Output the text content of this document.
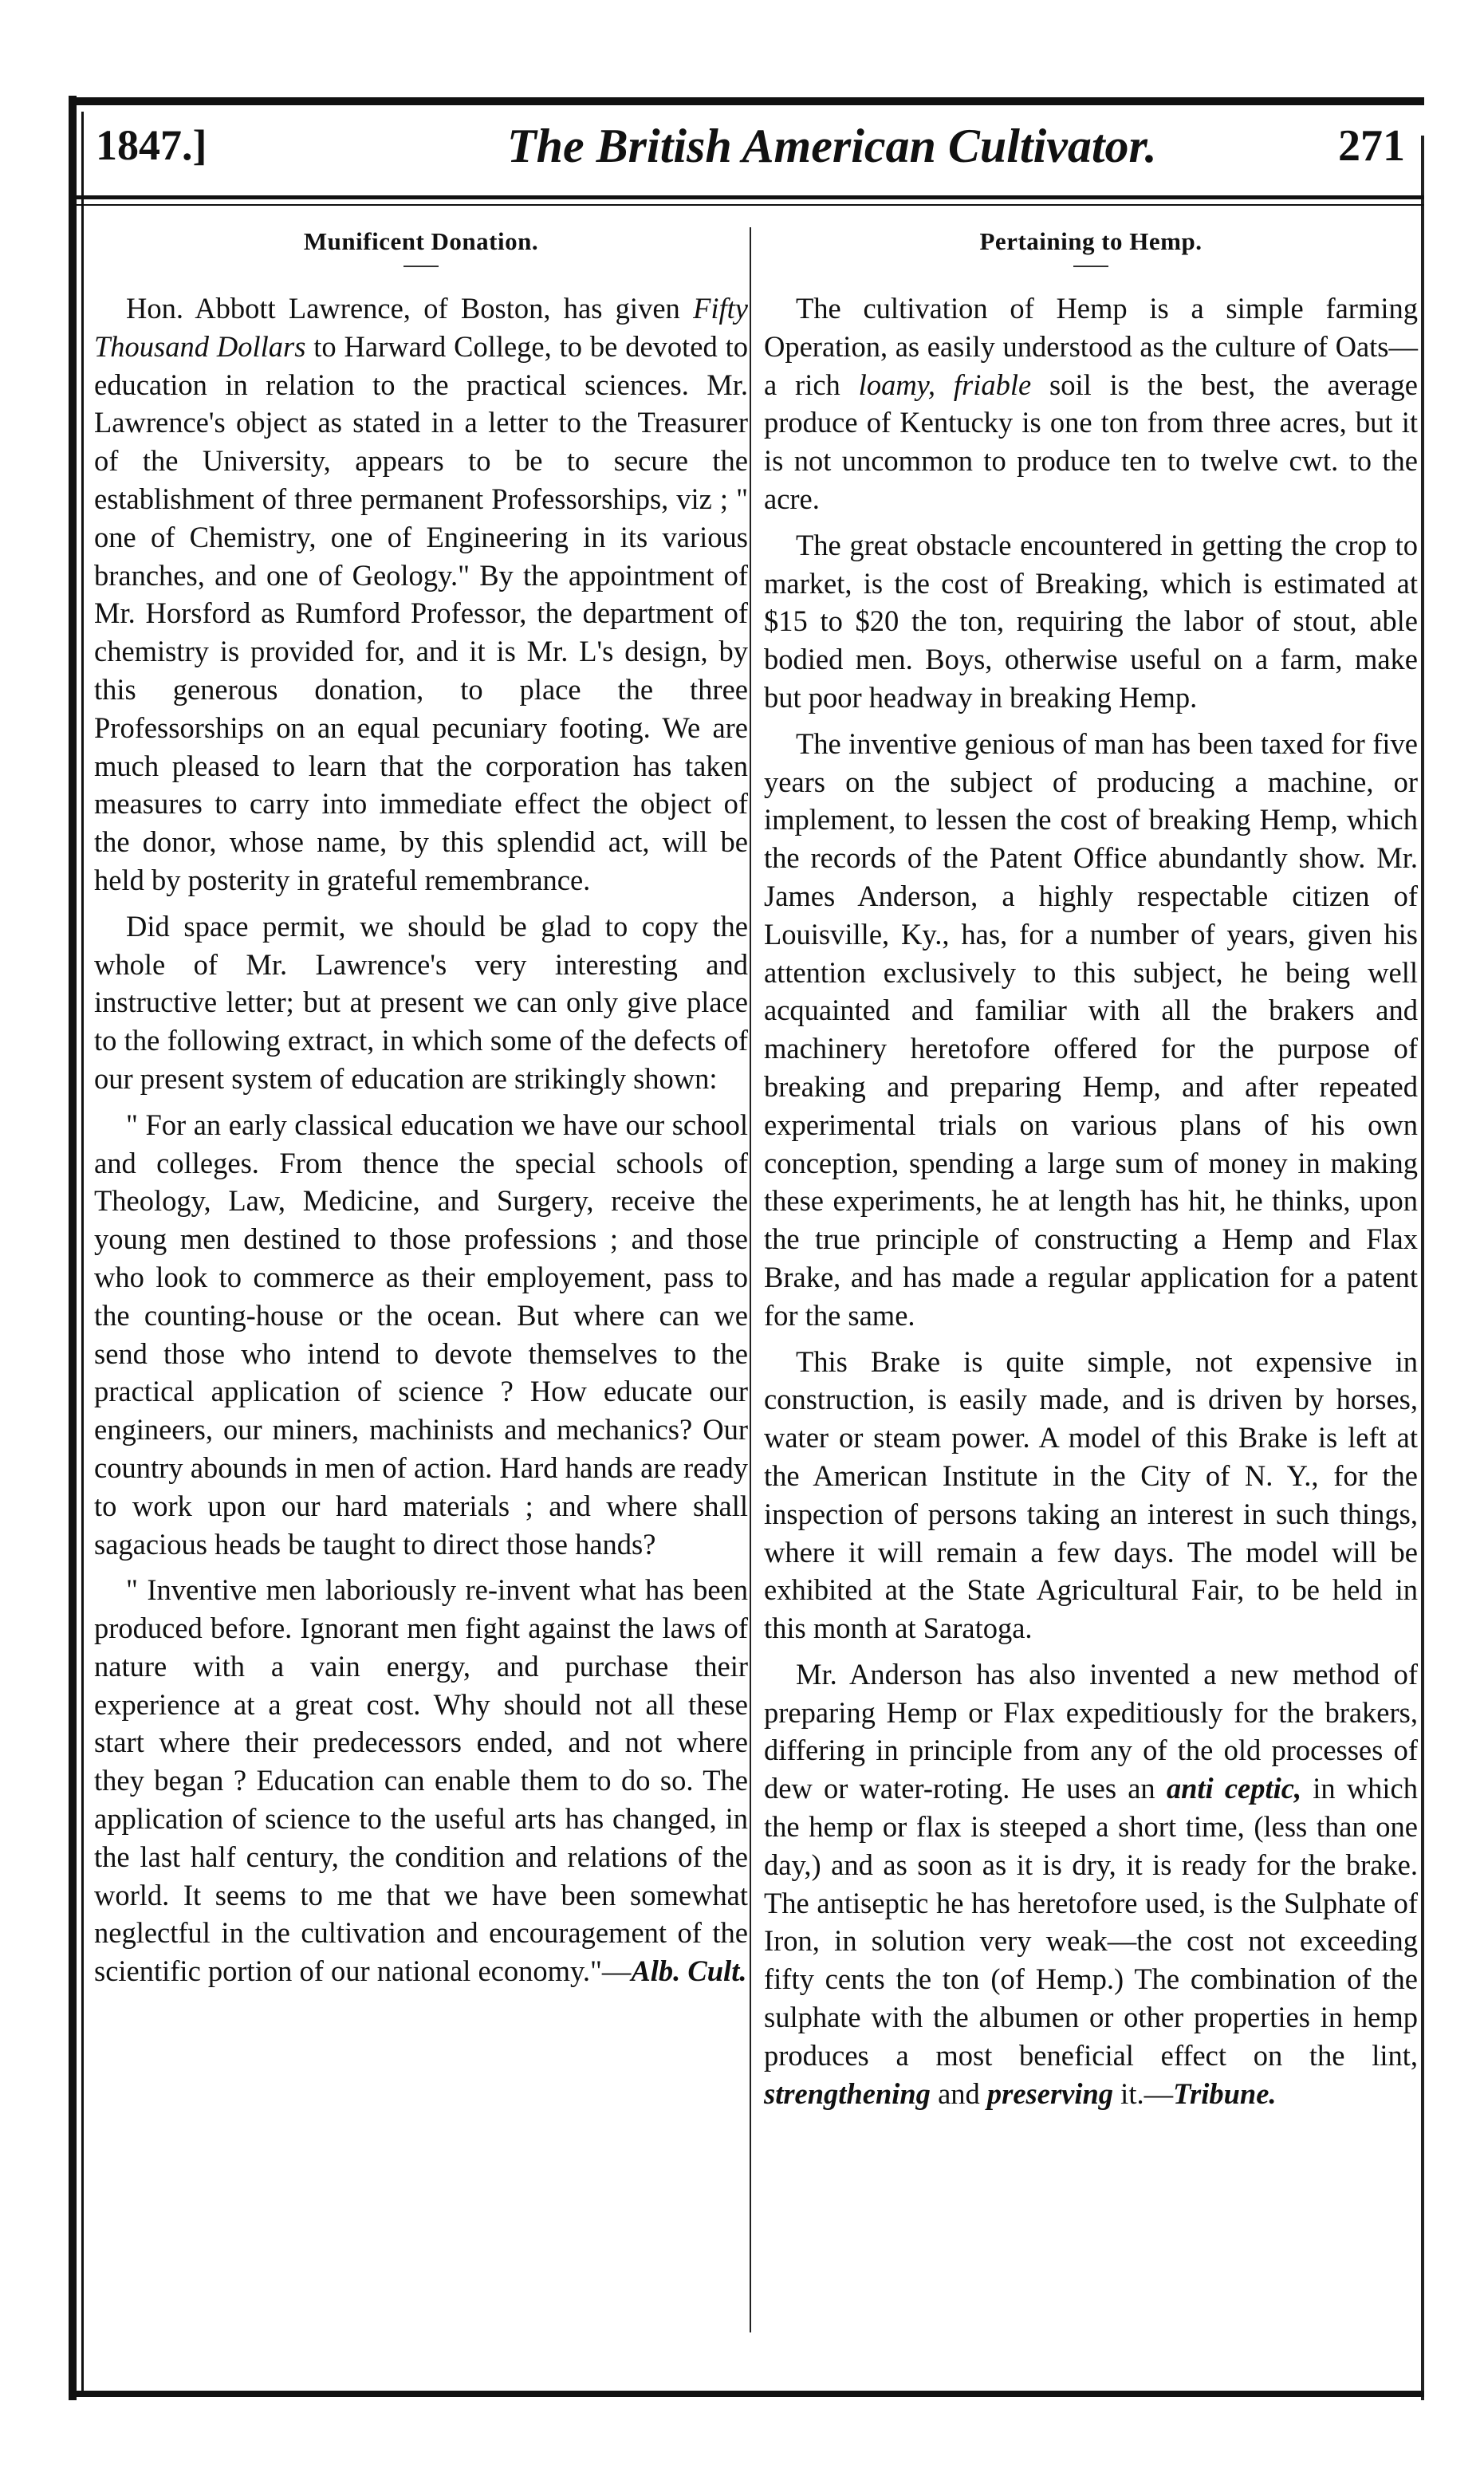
1847.]	The British American Cultivator.	271
Munificent Donation.

Hon. Abbott Lawrence, of Boston, has given Fifty Thousand Dollars to Harward College, to be devoted to education in relation to the practical sciences. Mr. Lawrence's object as stated in a letter to the Treasurer of the University, appears to be to secure the establishment of three permanent Professorships, viz ; " one of Chemistry, one of Engineering in its various branches, and one of Geology." By the appointment of Mr. Horsford as Rumford Professor, the department of chemistry is provided for, and it is Mr. L's design, by this generous donation, to place the three Professorships on an equal pecuniary footing. We are much pleased to learn that the corporation has taken measures to carry into immediate effect the object of the donor, whose name, by this splendid act, will be held by posterity in grateful remembrance.

Did space permit, we should be glad to copy the whole of Mr. Lawrence's very interesting and instructive letter; but at present we can only give place to the following extract, in which some of the defects of our present system of education are strikingly shown:

" For an early classical education we have our school and colleges. From thence the special schools of Theology, Law, Medicine, and Surgery, receive the young men destined to those professions ; and those who look to commerce as their employement, pass to the counting-house or the ocean. But where can we send those who intend to devote themselves to the practical application of science ? How educate our engineers, our miners, machinists and mechanics? Our country abounds in men of action. Hard hands are ready to work upon our hard materials ; and where shall sagacious heads be taught to direct those hands?

" Inventive men laboriously re-invent what has been produced before. Ignorant men fight against the laws of nature with a vain energy, and purchase their experience at a great cost. Why should not all these start where their predecessors ended, and not where they began ? Education can enable them to do so. The application of science to the useful arts has changed, in the last half century, the condition and relations of the world. It seems to me that we have been somewhat neglectful in the cultivation and encouragement of the scientific portion of our national economy."—Alb. Cult.

Pertaining to Hemp.

The cultivation of Hemp is a simple farming Operation, as easily understood as the culture of Oats—a rich loamy, friable soil is the best, the average produce of Kentucky is one ton from three acres, but it is not uncommon to produce ten to twelve cwt. to the acre.

The great obstacle encountered in getting the crop to market, is the cost of Breaking, which is estimated at $15 to $20 the ton, requiring the labor of stout, able bodied men. Boys, otherwise useful on a farm, make but poor headway in breaking Hemp.

The inventive genious of man has been taxed for five years on the subject of producing a machine, or implement, to lessen the cost of breaking Hemp, which the records of the Patent Office abundantly show. Mr. James Anderson, a highly respectable citizen of Louisville, Ky., has, for a number of years, given his attention exclusively to this subject, he being well acquainted and familiar with all the brakers and machinery heretofore offered for the purpose of breaking and preparing Hemp, and after repeated experimental trials on various plans of his own conception, spending a large sum of money in making these experiments, he at length has hit, he thinks, upon the true principle of constructing a Hemp and Flax Brake, and has made a regular application for a patent for the same.

This Brake is quite simple, not expensive in construction, is easily made, and is driven by horses, water or steam power. A model of this Brake is left at the American Institute in the City of N. Y., for the inspection of persons taking an interest in such things, where it will remain a few days. The model will be exhibited at the State Agricultural Fair, to be held in this month at Saratoga.

Mr. Anderson has also invented a new method of preparing Hemp or Flax expeditiously for the brakers, differing in principle from any of the old processes of dew or water-roting. He uses an anti ceptic, in which the hemp or flax is steeped a short time, (less than one day,) and as soon as it is dry, it is ready for the brake. The antiseptic he has heretofore used, is the Sulphate of Iron, in solution very weak—the cost not exceeding fifty cents the ton (of Hemp.) The combination of the sulphate with the albumen or other properties in hemp produces a most beneficial effect on the lint, strengthening and preserving it.—Tribune.
